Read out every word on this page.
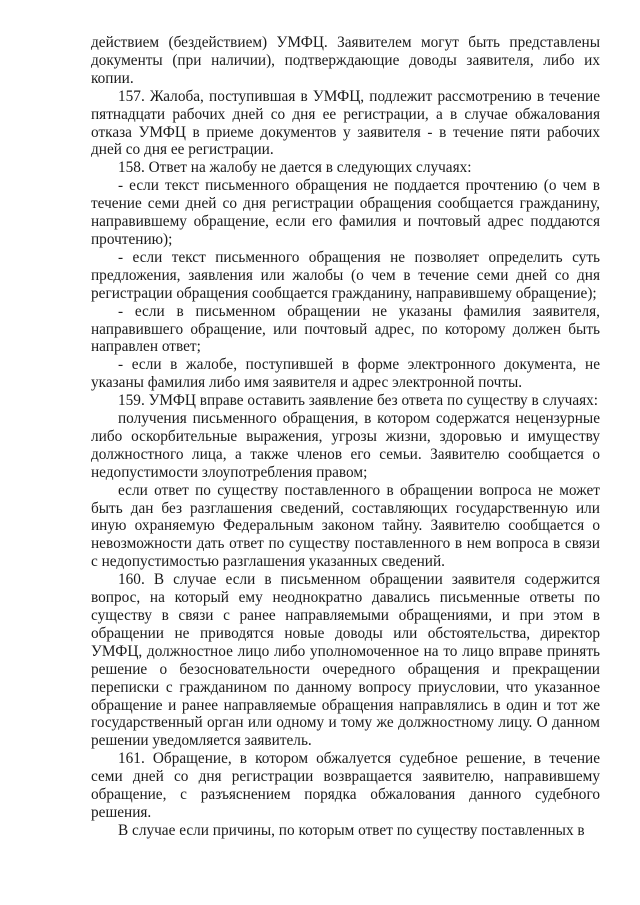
действием (бездействием) УМФЦ. Заявителем могут быть представлены документы (при наличии), подтверждающие доводы заявителя, либо их копии.

157. Жалоба, поступившая в УМФЦ, подлежит рассмотрению в течение пятнадцати рабочих дней со дня ее регистрации, а в случае обжалования отказа УМФЦ в приеме документов у заявителя - в течение пяти рабочих дней со дня ее регистрации.

158. Ответ на жалобу не дается в следующих случаях:

- если текст письменного обращения не поддается прочтению (о чем в течение семи дней со дня регистрации обращения сообщается гражданину, направившему обращение, если его фамилия и почтовый адрес поддаются прочтению);

- если текст письменного обращения не позволяет определить суть предложения, заявления или жалобы (о чем в течение семи дней со дня регистрации обращения сообщается гражданину, направившему обращение);

- если в письменном обращении не указаны фамилия заявителя, направившего обращение, или почтовый адрес, по которому должен быть направлен ответ;

- если в жалобе, поступившей в форме электронного документа, не указаны фамилия либо имя заявителя и адрес электронной почты.

159. УМФЦ вправе оставить заявление без ответа по существу в случаях:

получения письменного обращения, в котором содержатся нецензурные либо оскорбительные выражения, угрозы жизни, здоровью и имуществу должностного лица, а также членов его семьи. Заявителю сообщается о недопустимости злоупотребления правом;

если ответ по существу поставленного в обращении вопроса не может быть дан без разглашения сведений, составляющих государственную или иную охраняемую Федеральным законом тайну. Заявителю сообщается о невозможности дать ответ по существу поставленного в нем вопроса в связи с недопустимостью разглашения указанных сведений.

160. В случае если в письменном обращении заявителя содержится вопрос, на который ему неоднократно давались письменные ответы по существу в связи с ранее направляемыми обращениями, и при этом в обращении не приводятся новые доводы или обстоятельства, директор УМФЦ, должностное лицо либо уполномоченное на то лицо вправе принять решение о безосновательности очередного обращения и прекращении переписки с гражданином по данному вопросу приусловии, что указанное обращение и ранее направляемые обращения направлялись в один и тот же государственный орган или одному и тому же должностному лицу. О данном решении уведомляется заявитель.

161. Обращение, в котором обжалуется судебное решение, в течение семи дней со дня регистрации возвращается заявителю, направившему обращение, с разъяснением порядка обжалования данного судебного решения.

В случае если причины, по которым ответ по существу поставленных в
